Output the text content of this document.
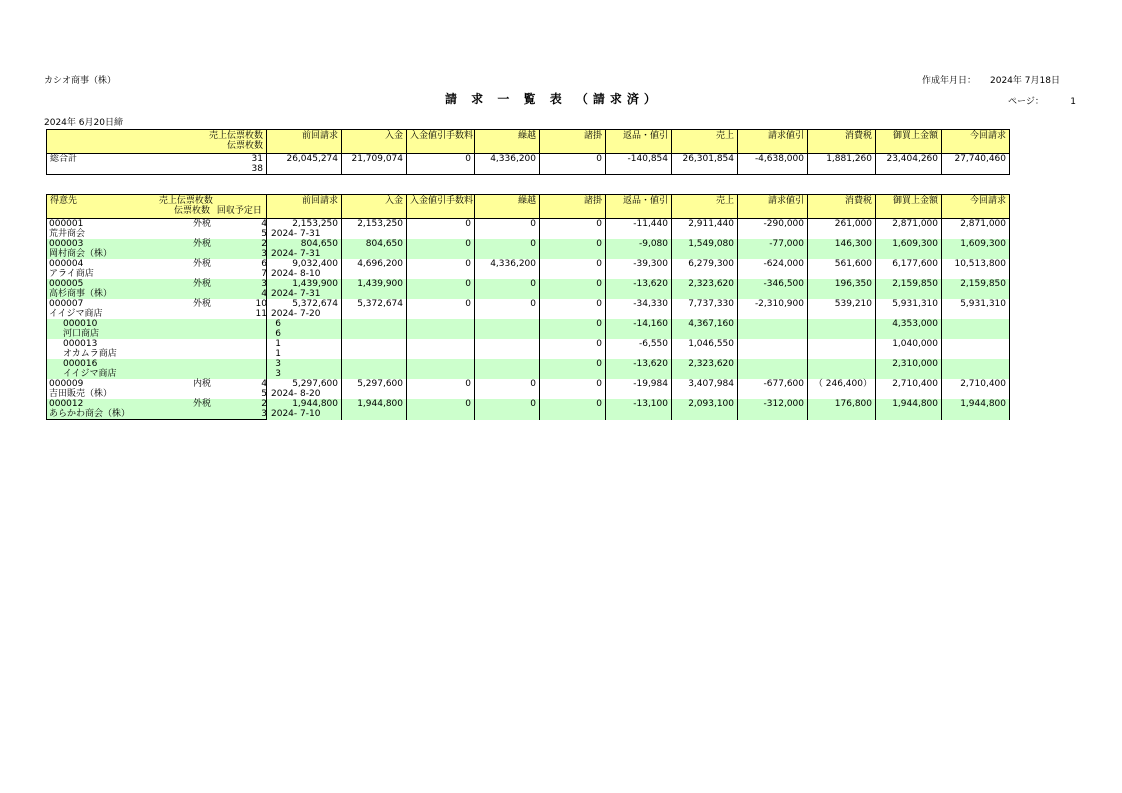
カシオ商事（株）	作成年月日： 2024年 7月18日
請 求 一 覧 表 （請求済）	ページ：	1
2024年 6月20日締
売上伝票枚数
伝票枚数	前回請求	入金	入金値引手数料	繰越	諸掛	返品・値引	売上	請求値引	消費税	御買上金額	今回請求
総合計 31	26,045,274	21,709,074	0	4,336,200	0	-140,854	26,301,854	-4,638,000	1,881,260	23,404,260	27,740,460
38											
得意先 売上伝票枚数
伝票枚数 回収予定日	前回請求	入金	入金値引手数料	繰越	諸掛	返品・値引	売上	請求値引	消費税	御買上金額	今回請求
000001 外税 4	2,153,250	2,153,250	0	0	0	-11,440	2,911,440	-290,000	261,000	2,871,000	2,871,000
荒井商会 5 2024- 7-31											
000003 外税 2	804,650	804,650	0	0	0	-9,080	1,549,080	-77,000	146,300	1,609,300	1,609,300
岡村商会（株） 3 2024- 7-31											
000004 外税 6	9,032,400	4,696,200	0	4,336,200	0	-39,300	6,279,300	-624,000	561,600	6,177,600	10,513,800
アライ商店 7 2024- 8-10											
000005 外税 3	1,439,900	1,439,900	0	0	0	-13,620	2,323,620	-346,500	196,350	2,159,850	2,159,850
高杉商事（株） 4 2024- 7-31											
000007 外税 10	5,372,674	5,372,674	0	0	0	-34,330	7,737,330	-2,310,900	539,210	5,931,310	5,931,310
イイジマ商店 11 2024- 7-20											
000010 6					0	-14,160	4,367,160			4,353,000	
河口商店 6											
000013 1					0	-6,550	1,046,550			1,040,000	
オカムラ商店 1											
000016 3					0	-13,620	2,323,620			2,310,000	
イイジマ商店 3											
000009 内税 4	5,297,600	5,297,600	0	0	0	-19,984	3,407,984	-677,600	（ 246,400）	2,710,400	2,710,400
吉田販売（株） 5 2024- 8-20											
000012 外税 2	1,944,800	1,944,800	0	0	0	-13,100	2,093,100	-312,000	176,800	1,944,800	1,944,800
あらかわ商会（株） 3 2024- 7-10											
